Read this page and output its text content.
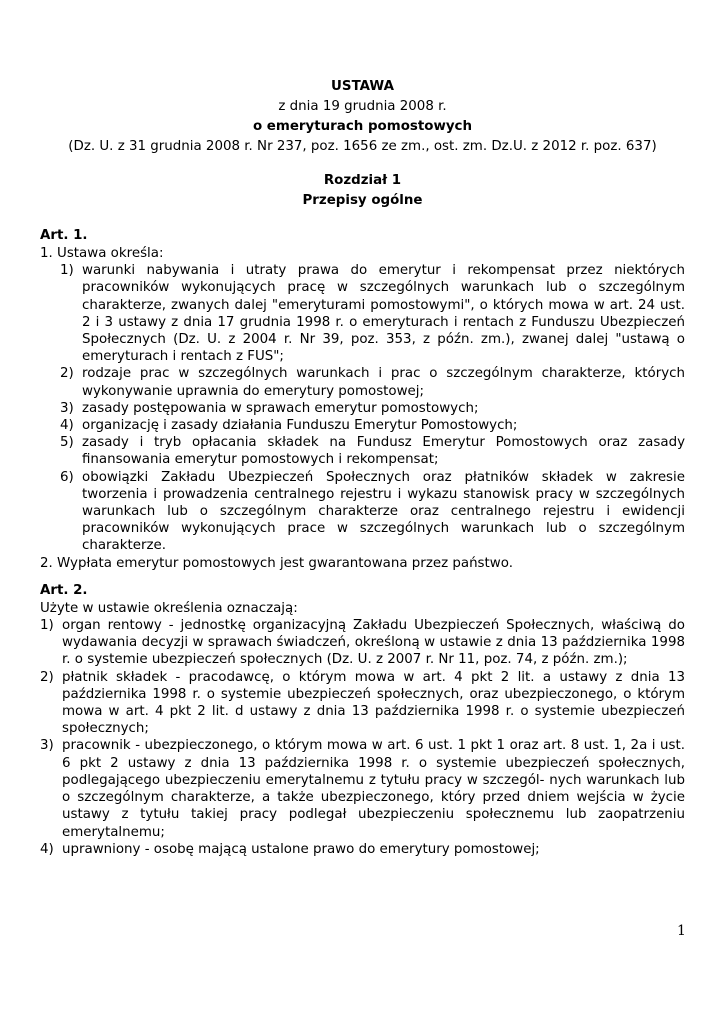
USTAWA

z dnia 19 grudnia 2008 r.

o emeryturach pomostowych

(Dz. U. z 31 grudnia 2008 r. Nr 237, poz. 1656 ze zm., ost. zm. Dz.U. z 2012 r. poz. 637)

Rozdział 1

Przepisy ogólne

Art. 1.

1. Ustawa określa:

1) warunki nabywania i utraty prawa do emerytur i rekompensat przez niektórych pracowników wykonujących pracę w szczególnych warunkach lub o szczególnym charakterze, zwanych dalej "emeryturami pomostowymi", o których mowa w art. 24 ust. 2 i 3 ustawy z dnia 17 grudnia 1998 r. o emeryturach i rentach z Funduszu Ubezpieczeń Społecznych (Dz. U. z 2004 r. Nr 39, poz. 353, z późn. zm.), zwanej dalej "ustawą o emeryturach i rentach z FUS";
2) rodzaje prac w szczególnych warunkach i prac o szczególnym charakterze, których wykonywanie uprawnia do emerytury pomostowej;
3) zasady postępowania w sprawach emerytur pomostowych;
4) organizację i zasady działania Funduszu Emerytur Pomostowych;
5) zasady i tryb opłacania składek na Fundusz Emerytur Pomostowych oraz zasady finansowania emerytur pomostowych i rekompensat;
6) obowiązki Zakładu Ubezpieczeń Społecznych oraz płatników składek w zakresie tworzenia i prowadzenia centralnego rejestru i wykazu stanowisk pracy w szczególnych warunkach lub o szczególnym charakterze oraz centralnego rejestru i ewidencji pracowników wykonujących prace w szczególnych warunkach lub o szczególnym charakterze.

2. Wypłata emerytur pomostowych jest gwarantowana przez państwo.

Art. 2.

Użyte w ustawie określenia oznaczają:

1) organ rentowy - jednostkę organizacyjną Zakładu Ubezpieczeń Społecznych, właściwą do wydawania decyzji w sprawach świadczeń, określoną w ustawie z dnia 13 października 1998 r. o systemie ubezpieczeń społecznych (Dz. U. z 2007 r. Nr 11, poz. 74, z późn. zm.);
2) płatnik składek - pracodawcę, o którym mowa w art. 4 pkt 2 lit. a ustawy z dnia 13 października 1998 r. o systemie ubezpieczeń społecznych, oraz ubezpieczonego, o którym mowa w art. 4 pkt 2 lit. d ustawy z dnia 13 października 1998 r. o systemie ubezpieczeń społecznych;
3) pracownik - ubezpieczonego, o którym mowa w art. 6 ust. 1 pkt 1 oraz art. 8 ust. 1, 2a i ust. 6 pkt 2 ustawy z dnia 13 października 1998 r. o systemie ubezpieczeń społecznych, podlegającego ubezpieczeniu emerytalnemu z tytułu pracy w szczegól- nych warunkach lub o szczególnym charakterze, a także ubezpieczonego, który przed dniem wejścia w życie ustawy z tytułu takiej pracy podlegał ubezpieczeniu społecznemu lub zaopatrzeniu emerytalnemu;
4) uprawniony - osobę mającą ustalone prawo do emerytury pomostowej;
1
